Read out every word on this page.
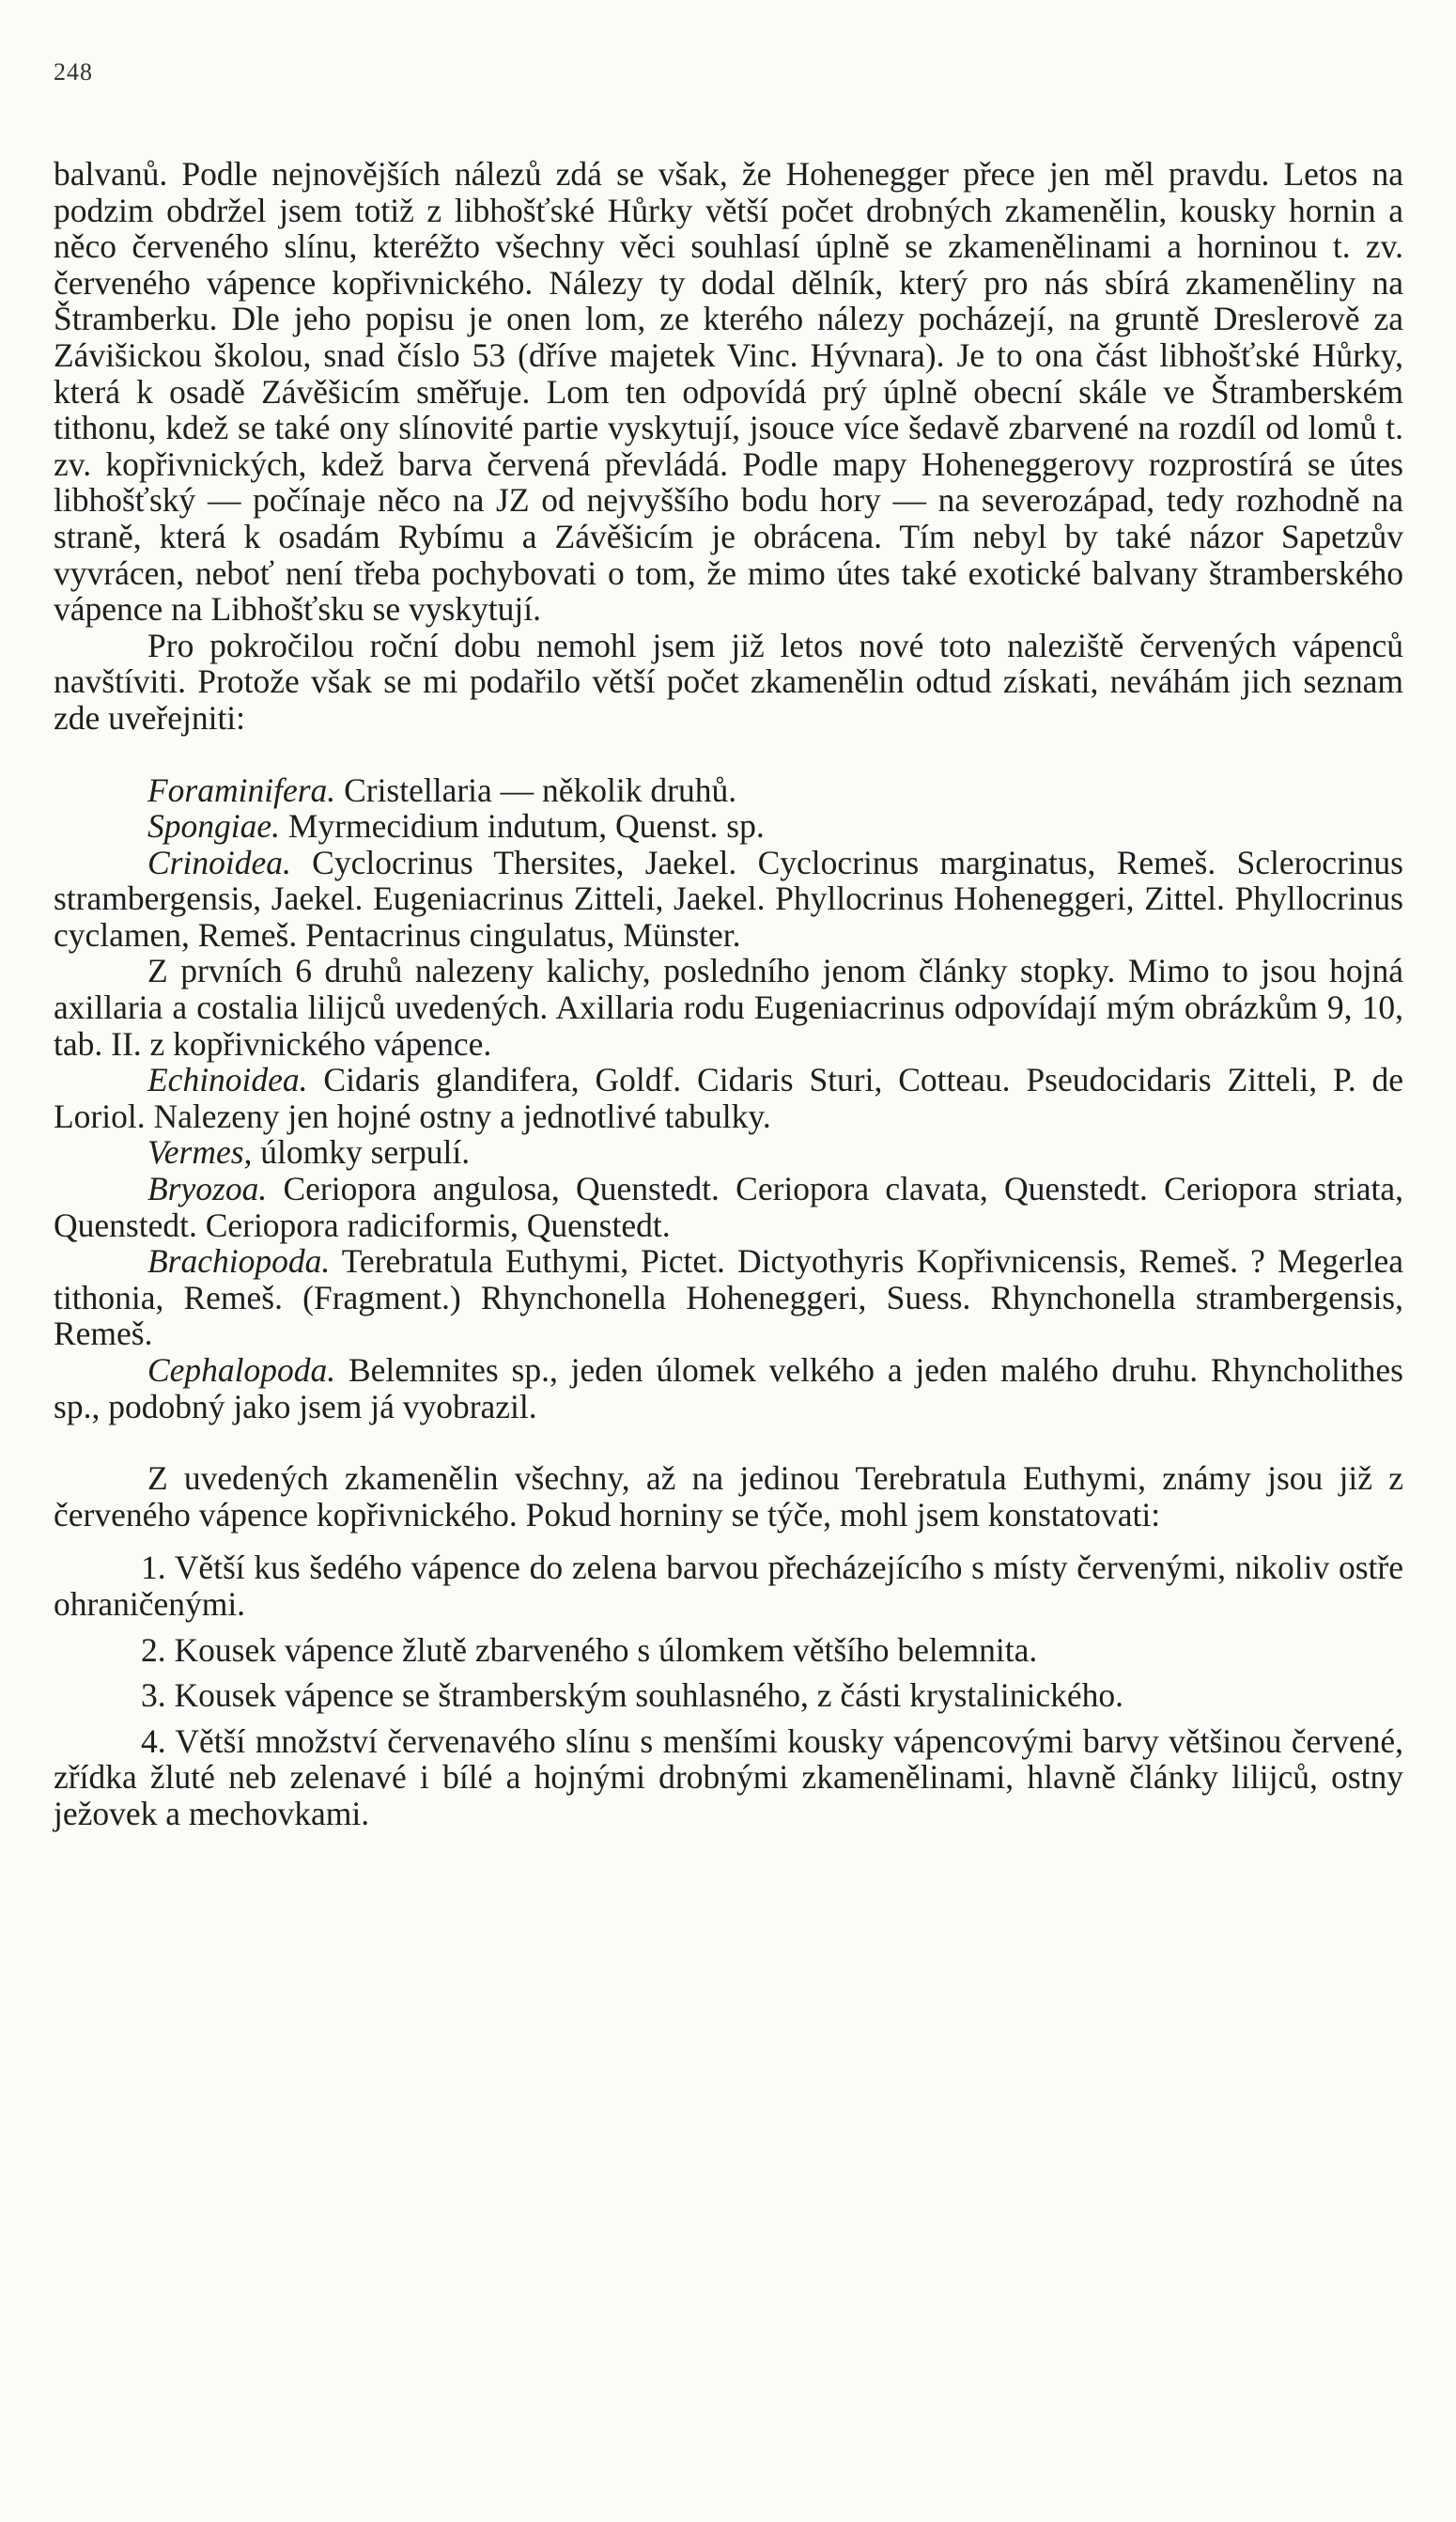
248

balvanů. Podle nejnovějších nálezů zdá se však, že Hohenegger přece jen měl pravdu. Letos na podzim obdržel jsem totiž z libhošťské Hůrky větší počet drobných zkamenělin, kousky hornin a něco červeného slínu, kteréžto všechny věci souhlasí úplně se zkamenělinami a horninou t. zv. červeného vápence kopřivnického. Nálezy ty dodal dělník, který pro nás sbírá zkameněliny na Štramberku. Dle jeho popisu je onen lom, ze kterého nálezy pocházejí, na gruntě Dreslerově za Závišickou školou, snad číslo 53 (dříve majetek Vinc. Hývnara). Je to ona část libhošťské Hůrky, která k osadě Závěšicím směřuje. Lom ten odpovídá prý úplně obecní skále ve Štramberském tithonu, kdež se také ony slínovité partie vyskytují, jsouce více šedavě zbarvené na rozdíl od lomů t. zv. kopřivnických, kdež barva červená převládá. Podle mapy Hoheneggerovy rozprostírá se útes libhošťský — počínaje něco na JZ od nejvyššího bodu hory — na severozápad, tedy rozhodně na straně, která k osadám Rybímu a Závěšicím je obrácena. Tím nebyl by také názor Sapetzův vyvrácen, neboť není třeba pochybovati o tom, že mimo útes také exotické balvany štramberského vápence na Libhošťsku se vyskytují.

Pro pokročilou roční dobu nemohl jsem již letos nové toto naleziště červených vápenců navštíviti. Protože však se mi podařilo větší počet zkamenělin odtud získati, neváhám jich seznam zde uveřejniti:

Foraminifera. Cristellaria — několik druhů.

Spongiae. Myrmecidium indutum, Quenst. sp.

Crinoidea. Cyclocrinus Thersites, Jaekel. Cyclocrinus marginatus, Remeš. Sclerocrinus strambergensis, Jaekel. Eugeniacrinus Zitteli, Jaekel. Phyllocrinus Hoheneggeri, Zittel. Phyllocrinus cyclamen, Remeš. Pentacrinus cingulatus, Münster.

Z prvních 6 druhů nalezeny kalichy, posledního jenom články stopky. Mimo to jsou hojná axillaria a costalia lilijců uvedených. Axillaria rodu Eugeniacrinus odpovídají mým obrázkům 9, 10, tab. II. z kopřivnického vápence.

Echinoidea. Cidaris glandifera, Goldf. Cidaris Sturi, Cotteau. Pseudocidaris Zitteli, P. de Loriol. Nalezeny jen hojné ostny a jednotlivé tabulky.

Vermes, úlomky serpulí.

Bryozoa. Ceriopora angulosa, Quenstedt. Ceriopora clavata, Quenstedt. Ceriopora striata, Quenstedt. Ceriopora radiciformis, Quenstedt.

Brachiopoda. Terebratula Euthymi, Pictet. Dictyothyris Kopřivnicensis, Remeš. ? Megerlea tithonia, Remeš. (Fragment.) Rhynchonella Hoheneggeri, Suess. Rhynchonella strambergensis, Remeš.

Cephalopoda. Belemnites sp., jeden úlomek velkého a jeden malého druhu. Rhyncholithes sp., podobný jako jsem já vyobrazil.

Z uvedených zkamenělin všechny, až na jedinou Terebratula Euthymi, známy jsou již z červeného vápence kopřivnického. Pokud horniny se týče, mohl jsem konstatovati:

1. Větší kus šedého vápence do zelena barvou přecházejícího s místy červenými, nikoliv ostře ohraničenými.

2. Kousek vápence žlutě zbarveného s úlomkem většího belemnita.

3. Kousek vápence se štramberským souhlasného, z části krystalinického.

4. Větší množství červenavého slínu s menšími kousky vápencovými barvy většinou červené, zřídka žluté neb zelenavé i bílé a hojnými drobnými zkamenělinami, hlavně články lilijců, ostny ježovek a mechovkami.
